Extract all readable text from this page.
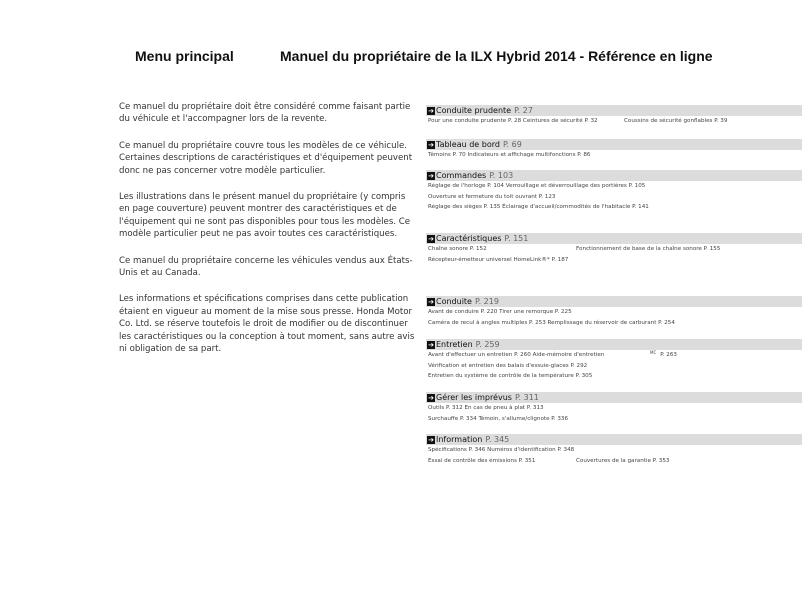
Menu principal	Manuel du propriétaire de la ILX Hybrid 2014 - Référence en ligne

Ce manuel du propriétaire doit être considéré comme faisant partie du véhicule et l'accompagner lors de la revente.

Ce manuel du propriétaire couvre tous les modèles de ce véhicule. Certaines descriptions de caractéristiques et d'équipement peuvent donc ne pas concerner votre modèle particulier.

Les illustrations dans le présent manuel du propriétaire (y compris en page couverture) peuvent montrer des caractéristiques et de l'équipement qui ne sont pas disponibles pour tous les modèles. Ce modèle particulier peut ne pas avoir toutes ces caractéristiques.

Ce manuel du propriétaire concerne les véhicules vendus aux États-Unis et au Canada.

Les informations et spécifications comprises dans cette publication étaient en vigueur au moment de la mise sous presse. Honda Motor Co. Ltd. se réserve toutefois le droit de modifier ou de discontinuer les caractéristiques ou la conception à tout moment, sans autre avis ni obligation de sa part.

➔ Conduite prudente P. 27
Pour une conduite prudente P. 28 Ceintures de sécurité P. 32	Coussins de sécurité gonflables P. 39
➔ Tableau de bord P. 69
Témoins P. 70 Indicateurs et affichage multifonctions P. 86
➔ Commandes P. 103
Réglage de l'horloge P. 104 Verrouillage et déverrouillage des portières P. 105
Ouverture et fermeture du toit ouvrant P. 123
Réglage des sièges P. 135 Éclairage d'accueil/commodités de l'habitacle P. 141
➔ Caractéristiques P. 151
Chaîne sonore P. 152	Fonctionnement de base de la chaîne sonore P. 155
Récepteur-émetteur universel HomeLink®* P. 187
➔ Conduite P. 219
Avant de conduire P. 220 Tirer une remorque P. 225
Caméra de recul à angles multiples P. 253 Remplissage du réservoir de carburant P. 254
➔ Entretien P. 259
Avant d'effectuer un entretien P. 260 Aide-mémoire d'entretien	$^{MC}$ P. 263
Vérification et entretien des balais d'essuie-glaces P. 292
Entretien du système de contrôle de la température P. 305
➔ Gérer les imprévus P. 311
Outils P. 312 En cas de pneu à plat P. 313
Surchauffe P. 334 Témoin, s'allume/clignote P. 336
➔ Information P. 345
Spécifications P. 346 Numéros d'identification P. 348
Essai de contrôle des émissions P. 351	Couvertures de la garantie P. 353
